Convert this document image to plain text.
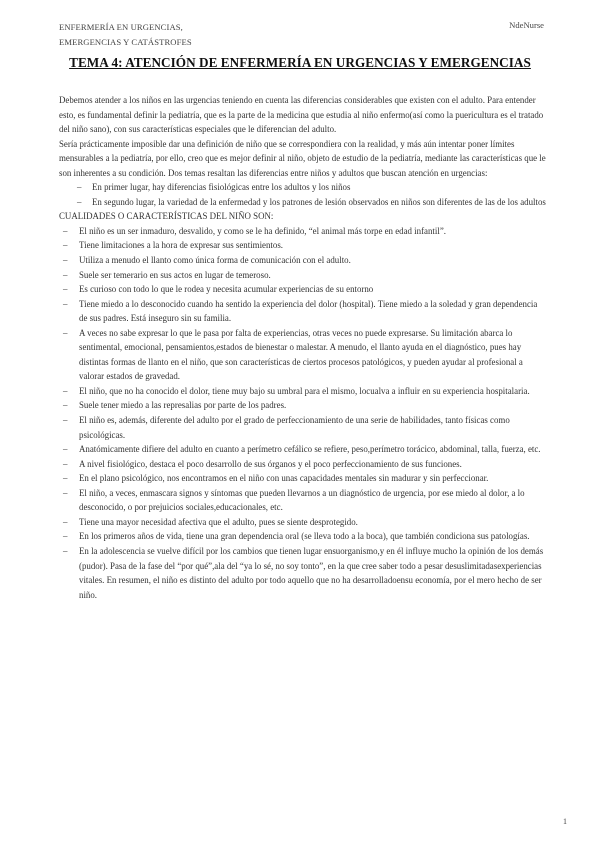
ENFERMERÍA EN URGENCIAS,
EMERGENCIAS Y CATÁSTROFES
NdeNurse
TEMA 4: ATENCIÓN DE ENFERMERÍA EN URGENCIAS Y EMERGENCIAS

Debemos atender a los niños en las urgencias teniendo en cuenta las diferencias considerables que existen con el adulto. Para entender esto, es fundamental definir la pediatría, que es la parte de la medicina que estudia al niño enfermo(así como la puericultura es el tratado del niño sano), con sus características especiales que le diferencian del adulto.

Sería prácticamente imposible dar una definición de niño que se correspondiera con la realidad, y más aún intentar poner límites mensurables a la pediatría, por ello, creo que es mejor definir al niño, objeto de estudio de la pediatría, mediante las características que le son inherentes a su condición. Dos temas resaltan las diferencias entre niños y adultos que buscan atención en urgencias:

– En primer lugar, hay diferencias fisiológicas entre los adultos y los niños
– En segundo lugar, la variedad de la enfermedad y los patrones de lesión observados en niños son diferentes de las de los adultos

CUALIDADES O CARACTERÍSTICAS DEL NIÑO SON:

– El niño es un ser inmaduro, desvalido, y como se le ha definido, “el animal más torpe en edad infantil”.
– Tiene limitaciones a la hora de expresar sus sentimientos.
– Utiliza a menudo el llanto como única forma de comunicación con el adulto.
– Suele ser temerario en sus actos en lugar de temeroso.
– Es curioso con todo lo que le rodea y necesita acumular experiencias de su entorno
– Tiene miedo a lo desconocido cuando ha sentido la experiencia del dolor (hospital). Tiene miedo a la soledad y gran dependencia de sus padres. Está inseguro sin su familia.
– A veces no sabe expresar lo que le pasa por falta de experiencias, otras veces no puede expresarse. Su limitación abarca lo sentimental, emocional, pensamientos,estados de bienestar o malestar. A menudo, el llanto ayuda en el diagnóstico, pues hay distintas formas de llanto en el niño, que son características de ciertos procesos patológicos, y pueden ayudar al profesional a valorar estados de gravedad.
– El niño, que no ha conocido el dolor, tiene muy bajo su umbral para el mismo, locualva a influir en su experiencia hospitalaria.
– Suele tener miedo a las represalias por parte de los padres.
– El niño es, además, diferente del adulto por el grado de perfeccionamiento de una serie de habilidades, tanto físicas como psicológicas.
– Anatómicamente difiere del adulto en cuanto a perímetro cefálico se refiere, peso,perímetro torácico, abdominal, talla, fuerza, etc.
– A nivel fisiológico, destaca el poco desarrollo de sus órganos y el poco perfeccionamiento de sus funciones.
– En el plano psicológico, nos encontramos en el niño con unas capacidades mentales sin madurar y sin perfeccionar.
– El niño, a veces, enmascara signos y síntomas que pueden llevarnos a un diagnóstico de urgencia, por ese miedo al dolor, a lo desconocido, o por prejuicios sociales,educacionales, etc.
– Tiene una mayor necesidad afectiva que el adulto, pues se siente desprotegido.
– En los primeros años de vida, tiene una gran dependencia oral (se lleva todo a la boca), que también condiciona sus patologías.
– En la adolescencia se vuelve difícil por los cambios que tienen lugar ensuorganismo,y en él influye mucho la opinión de los demás (pudor). Pasa de la fase del “por qué”,ala del “ya lo sé, no soy tonto”, en la que cree saber todo a pesar desuslimitadasexperiencias vitales. En resumen, el niño es distinto del adulto por todo aquello que no ha desarrolladoensu economía, por el mero hecho de ser niño.
1
